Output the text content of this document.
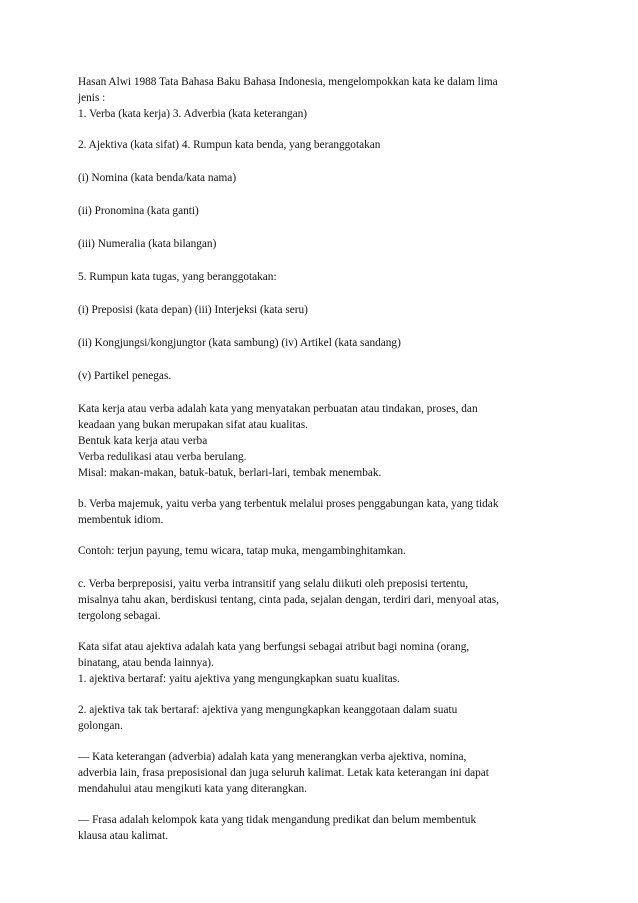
Hasan Alwi 1988 Tata Bahasa Baku Bahasa Indonesia, mengelompokkan kata ke dalam lima
jenis :
1. Verba (kata kerja) 3. Adverbia (kata keterangan)
2. Ajektiva (kata sifat) 4. Rumpun kata benda, yang beranggotakan
(i) Nomina (kata benda/kata nama)
(ii) Pronomina (kata ganti)
(iii) Numeralia (kata bilangan)
5. Rumpun kata tugas, yang beranggotakan:
(i) Preposisi (kata depan) (iii) Interjeksi (kata seru)
(ii) Kongjungsi/kongjungtor (kata sambung) (iv) Artikel (kata sandang)
(v) Partikel penegas.
Kata kerja atau verba adalah kata yang menyatakan perbuatan atau tindakan, proses, dan
keadaan yang bukan merupakan sifat atau kualitas.
Bentuk kata kerja atau verba
Verba redulikasi atau verba berulang.
Misal: makan-makan, batuk-batuk, berlari-lari, tembak menembak.
b. Verba majemuk, yaitu verba yang terbentuk melalui proses penggabungan kata, yang tidak
membentuk idiom.
Contoh: terjun payung, temu wicara, tatap muka, mengambinghitamkan.
c. Verba berpreposisi, yaitu verba intransitif yang selalu diikuti oleh preposisi tertentu,
misalnya tahu akan, berdiskusi tentang, cinta pada, sejalan dengan, terdiri dari, menyoal atas,
tergolong sebagai.
Kata sifat atau ajektiva adalah kata yang berfungsi sebagai atribut bagi nomina (orang,
binatang, atau benda lainnya).
1. ajektiva bertaraf: yaitu ajektiva yang mengungkapkan suatu kualitas.
2. ajektiva tak tak bertaraf: ajektiva yang mengungkapkan keanggotaan dalam suatu
golongan.
— Kata keterangan (adverbia) adalah kata yang menerangkan verba ajektiva, nomina,
adverbia lain, frasa preposisional dan juga seluruh kalimat. Letak kata keterangan ini dapat
mendahului atau mengikuti kata yang diterangkan.
— Frasa adalah kelompok kata yang tidak mengandung predikat dan belum membentuk
klausa atau kalimat.
